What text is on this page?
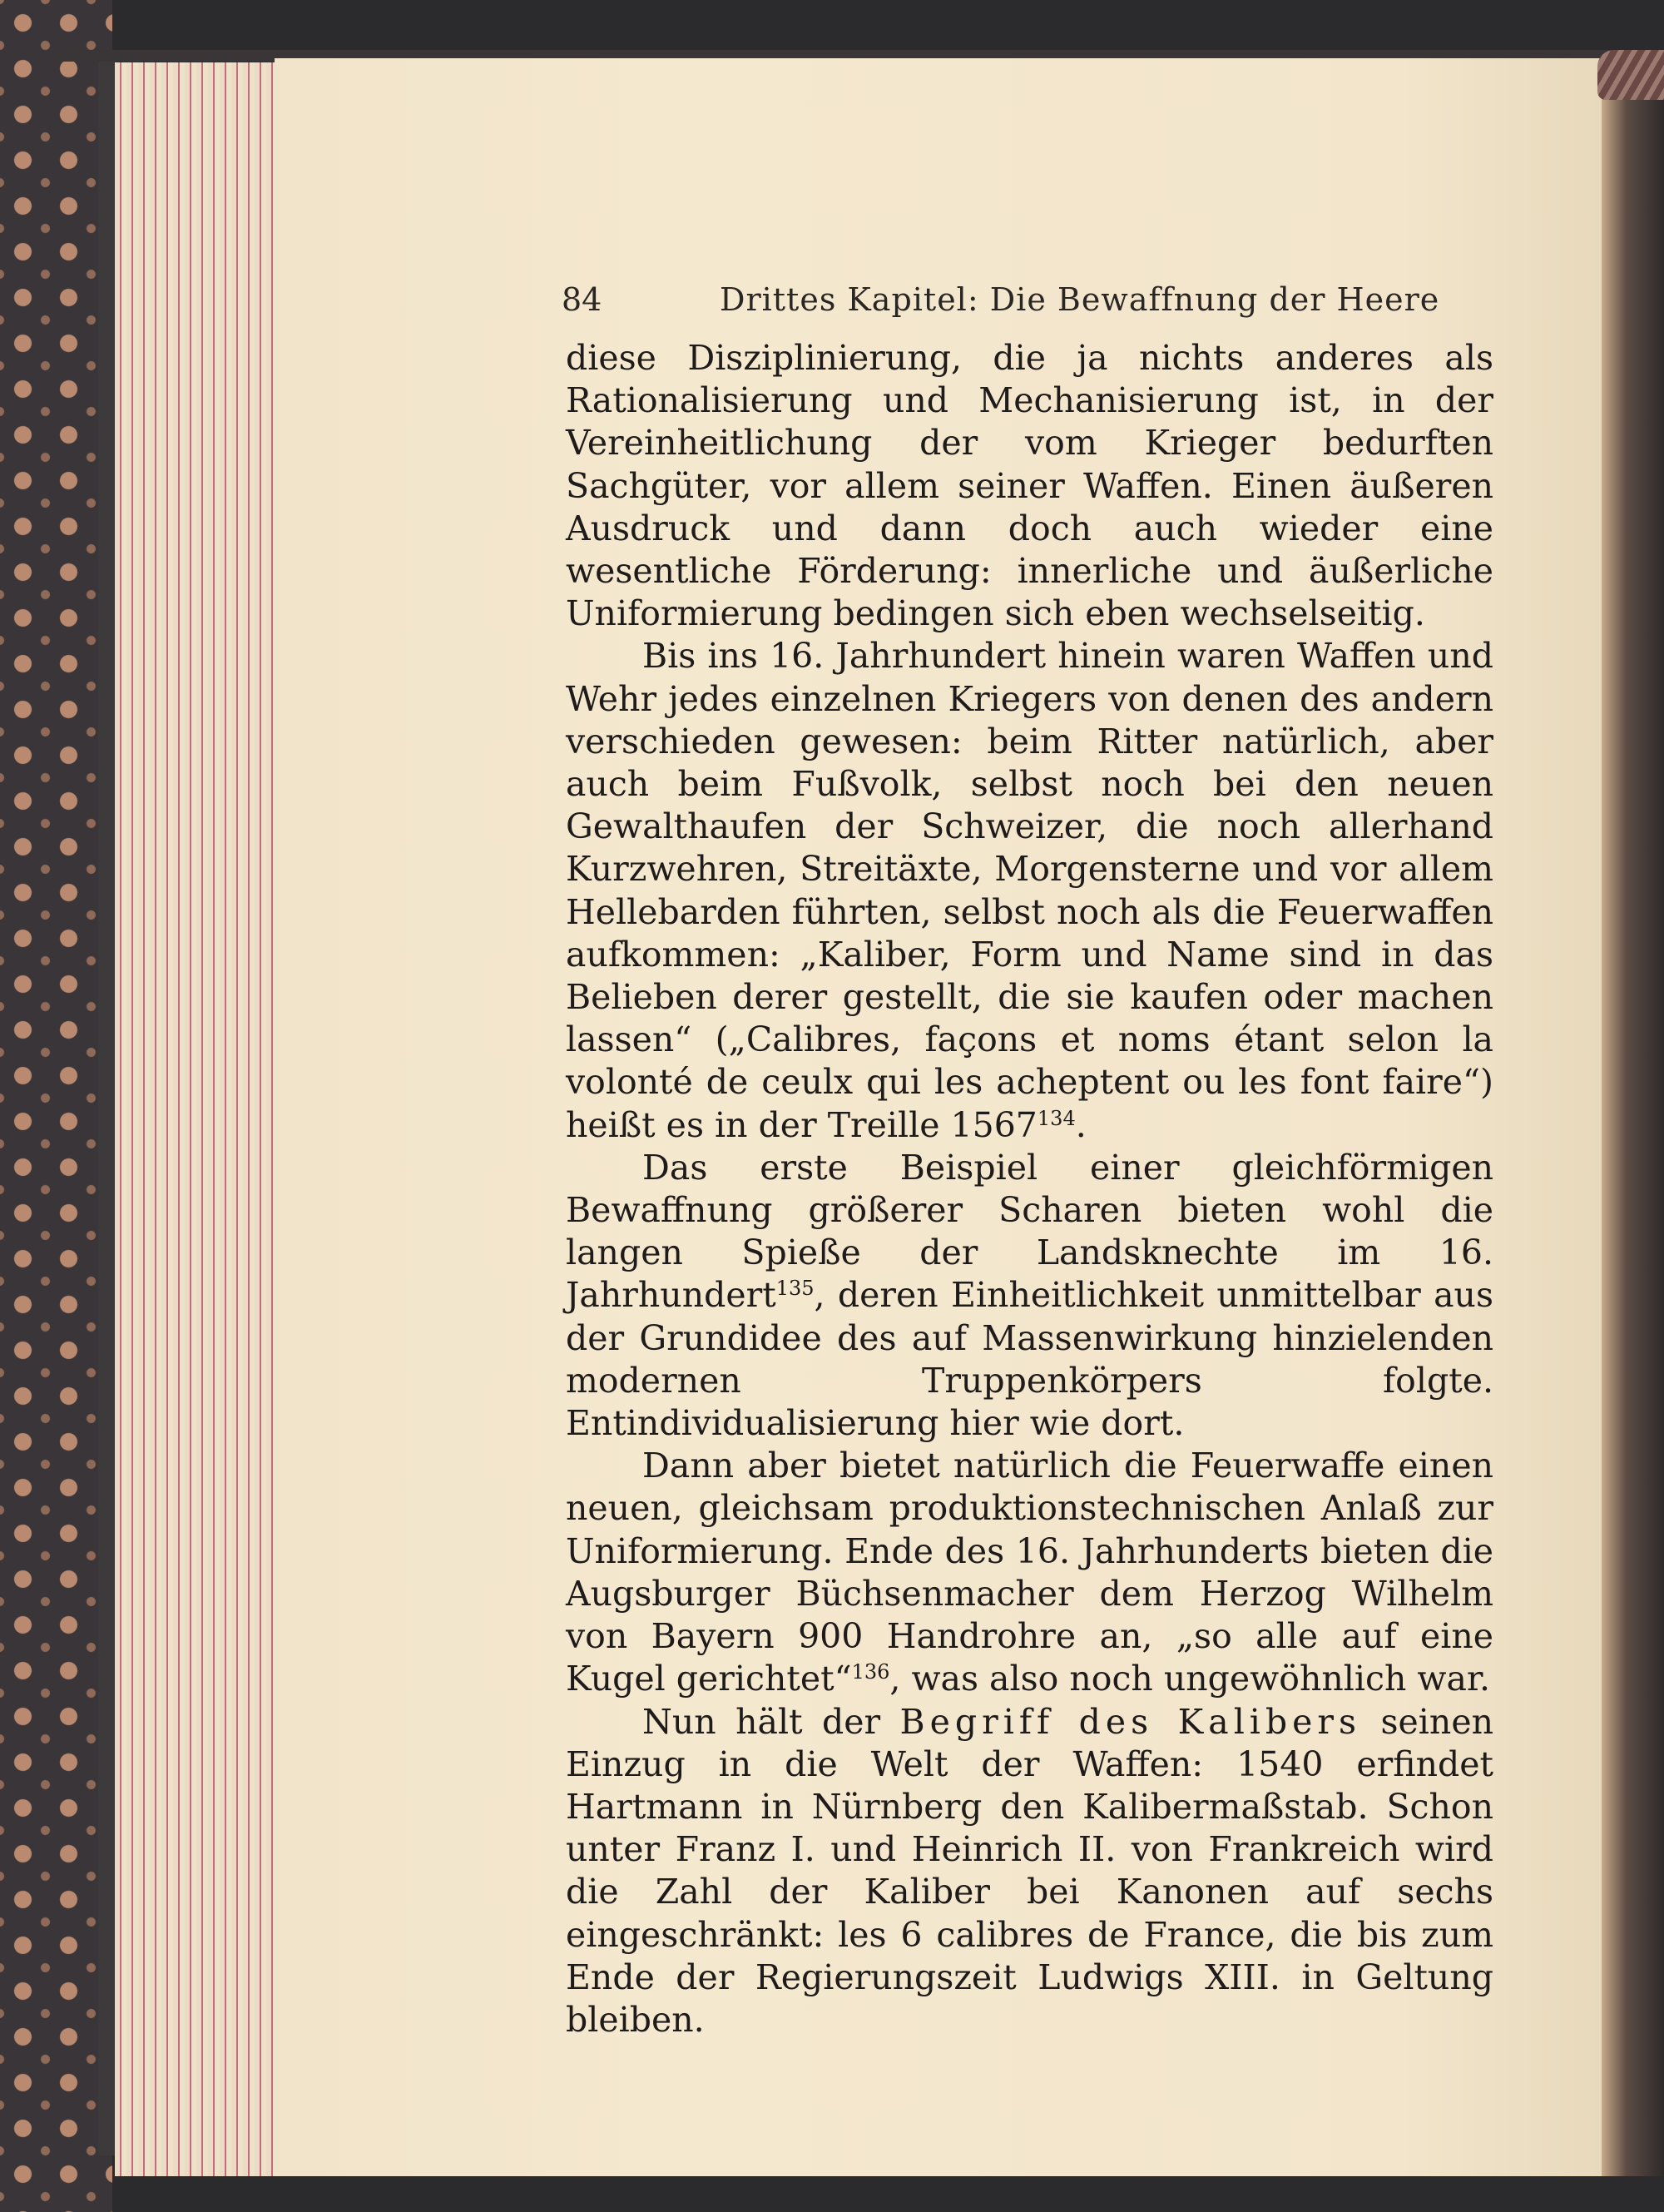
84	Drittes Kapitel: Die Bewaffnung der Heere

diese Disziplinierung, die ja nichts anderes als Rationalisierung und Mechanisierung ist, in der Vereinheitlichung der vom Krieger bedurften Sachgüter, vor allem seiner Waffen. Einen äußeren Ausdruck und dann doch auch wieder eine wesentliche Förderung: innerliche und äußerliche Uniformierung bedingen sich eben wechselseitig.

Bis ins 16. Jahrhundert hinein waren Waffen und Wehr jedes einzelnen Kriegers von denen des andern verschieden gewesen: beim Ritter natürlich, aber auch beim Fußvolk, selbst noch bei den neuen Gewalthaufen der Schweizer, die noch allerhand Kurzwehren, Streitäxte, Morgensterne und vor allem Hellebarden führten, selbst noch als die Feuerwaffen aufkommen: „Kaliber, Form und Name sind in das Belieben derer gestellt, die sie kaufen oder machen lassen“ („Calibres, façons et noms étant selon la volonté de ceulx qui les acheptent ou les font faire“) heißt es in der Treille 1567$^{134}$.

Das erste Beispiel einer gleichförmigen Bewaffnung größerer Scharen bieten wohl die langen Spieße der Landsknechte im 16. Jahrhundert$^{135}$, deren Einheitlichkeit unmittelbar aus der Grundidee des auf Massenwirkung hinzielenden modernen Truppenkörpers folgte. Entindividualisierung hier wie dort.

Dann aber bietet natürlich die Feuerwaffe einen neuen, gleichsam produktionstechnischen Anlaß zur Uniformierung. Ende des 16. Jahrhunderts bieten die Augsburger Büchsenmacher dem Herzog Wilhelm von Bayern 900 Handrohre an, „so alle auf eine Kugel gerichtet“$^{136}$, was also noch ungewöhnlich war.

Nun hält der Begriff des Kalibers seinen Einzug in die Welt der Waffen: 1540 erfindet Hartmann in Nürnberg den Kalibermaßstab. Schon unter Franz I. und Heinrich II. von Frankreich wird die Zahl der Kaliber bei Kanonen auf sechs eingeschränkt: les 6 calibres de France, die bis zum Ende der Regierungszeit Ludwigs XIII. in Geltung bleiben.
